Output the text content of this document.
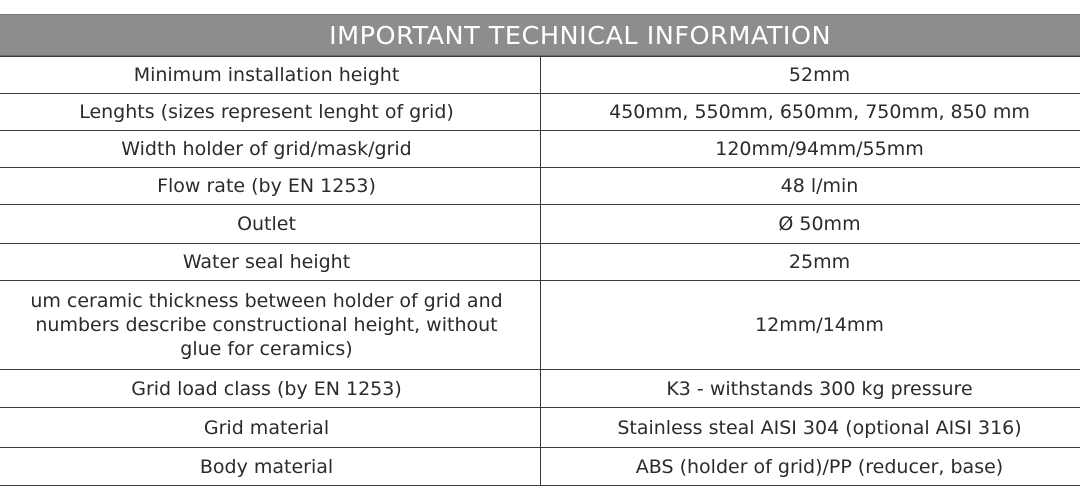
IMPORTANT TECHNICAL INFORMATION
Minimum installation height	52mm
Lenghts (sizes represent lenght of grid)	450mm, 550mm, 650mm, 750mm, 850 mm
Width holder of grid/mask/grid	120mm/94mm/55mm
Flow rate (by EN 1253)	48 l/min
Outlet	Ø 50mm
Water seal height	25mm

um ceramic thickness between holder of grid and
numbers describe constructional height, without
glue for ceramics)	12mm/14mm
Grid load class (by EN 1253)	K3 - withstands 300 kg pressure
Grid material	Stainless steal AISI 304 (optional AISI 316)
Body material	ABS (holder of grid)/PP (reducer, base)
